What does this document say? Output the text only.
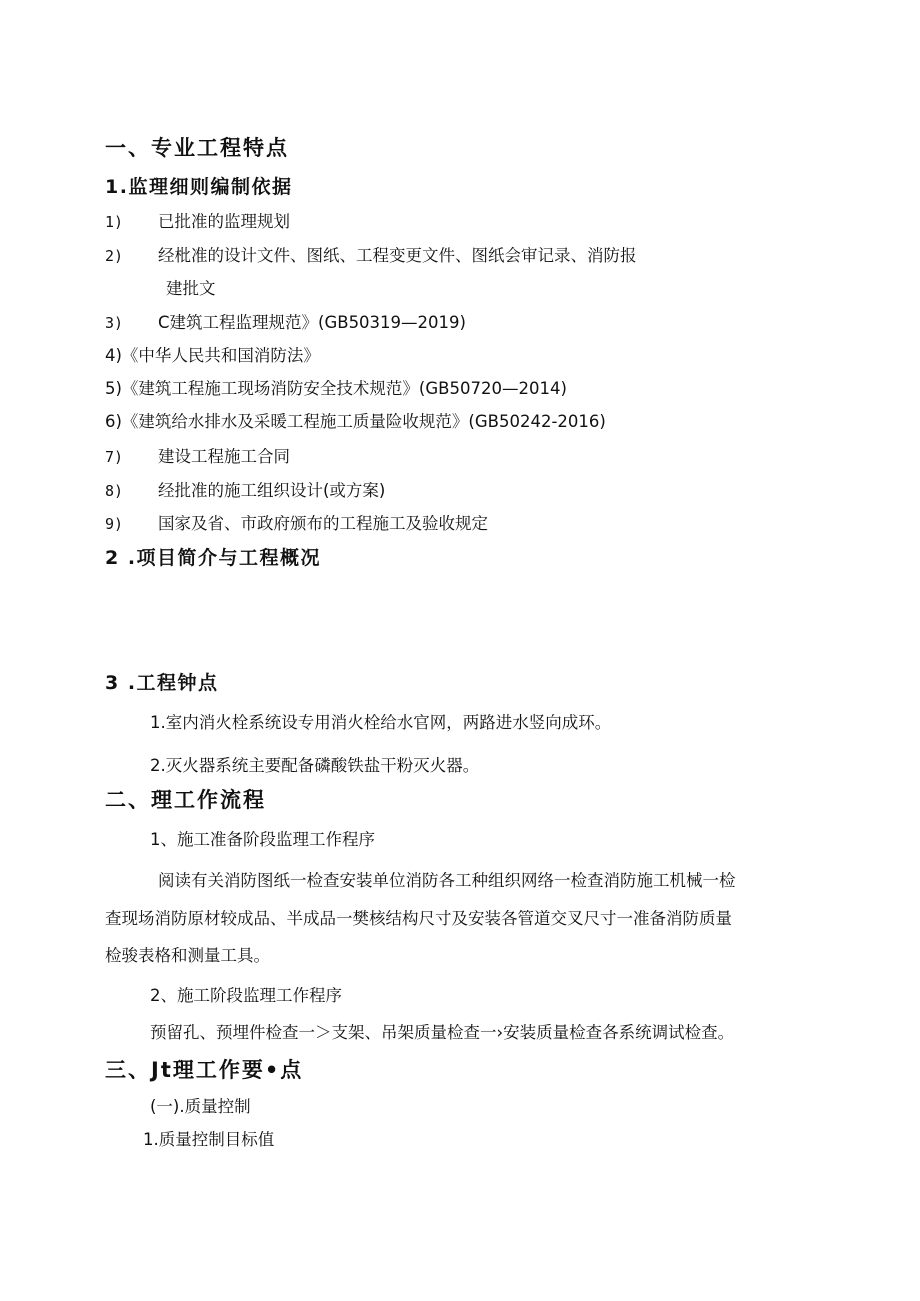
一、专业工程特点
1.监理细则编制依据
1) 已批准的监理规划
2) 经枇准的设计文件、图纸、工程变更文件、图纸会审记录、消防报
建批文
3) C建筑工程监理规范》(GB50319—2019)
4)《中华人民共和国消防法》
5)《建筑工程施工现场消防安全技术规范》(GB50720—2014)
6)《建筑给水排水及采暖工程施工质量险收规范》(GB50242-2016)
7) 建设工程施工合同
8) 经批准的施工组织设计(或方案)
9) 国家及省、市政府颁布的工程施工及验收规定
2 .项目简介与工程概况
3 .工程钟点
1.室内消火栓系统设专用消火栓给水官网，两路进水竖向成环。
2.灭火器系统主要配备磷酸铁盐干粉灭火器。
二、理工作流程
1、施工准备阶段监理工作程序
阅读有关消防图纸一检查安装单位消防各工种组织网络一检查消防施工机械一检
查现场消防原材较成品、半成品一樊核结构尺寸及安装各管道交叉尺寸一准备消防质量
检骏表格和测量工具。
2、施工阶段监理工作程序
预留孔、预埋件检查一＞支架、吊架质量检查一›安装质量检查各系统调试检查。
三、Jt理工作要•点
(一).质量控制
1.质量控制目标值
